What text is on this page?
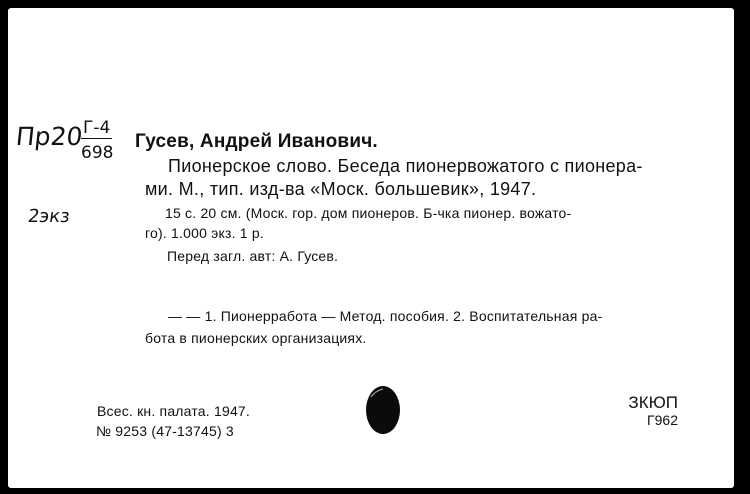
Пр20
Г-4
698
2экз
Гусев, Андрей Иванович.
Пионерское слово. Беседа пионервожатого с пионера-
ми. М., тип. изд-ва «Моск. большевик», 1947.
15 с. 20 см. (Моск. гор. дом пионеров. Б-чка пионер. вожато-
го). 1.000 экз. 1 р.
Перед загл. авт: А. Гусев.
— — 1. Пионерработа — Метод. пособия. 2. Воспитательная ра-
бота в пионерских организациях.
Всес. кн. палата. 1947.
№ 9253 (47-13745) 3
ЗКЮП
Г962
